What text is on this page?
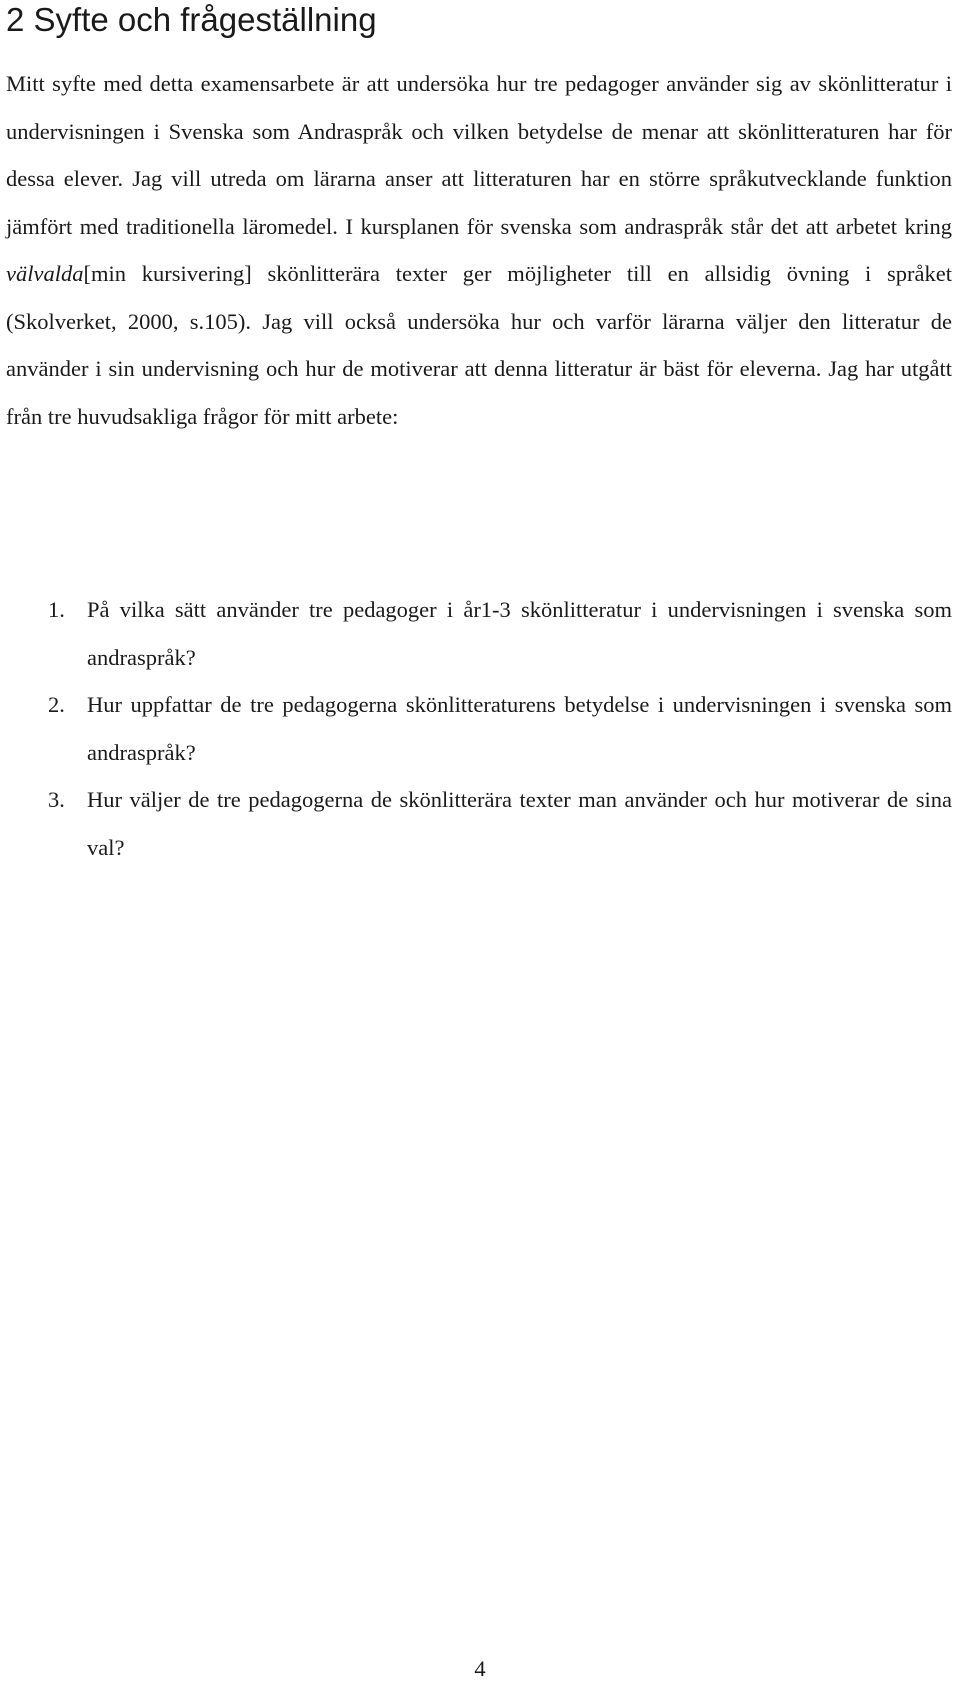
2 Syfte och frågeställning

Mitt syfte med detta examensarbete är att undersöka hur tre pedagoger använder sig av skönlitteratur i undervisningen i Svenska som Andraspråk och vilken betydelse de menar att skönlitteraturen har för dessa elever. Jag vill utreda om lärarna anser att litteraturen har en större språkutvecklande funktion jämfört med traditionella läromedel. I kursplanen för svenska som andraspråk står det att arbetet kring välvalda[min kursivering] skönlitterära texter ger möjligheter till en allsidig övning i språket (Skolverket, 2000, s.105). Jag vill också undersöka hur och varför lärarna väljer den litteratur de använder i sin undervisning och hur de motiverar att denna litteratur är bäst för eleverna. Jag har utgått från tre huvudsakliga frågor för mitt arbete:

1. På vilka sätt använder tre pedagoger i år1-3 skönlitteratur i undervisningen i svenska som andraspråk?
2. Hur uppfattar de tre pedagogerna skönlitteraturens betydelse i undervisningen i svenska som andraspråk?
3. Hur väljer de tre pedagogerna de skönlitterära texter man använder och hur motiverar de sina val?
4
